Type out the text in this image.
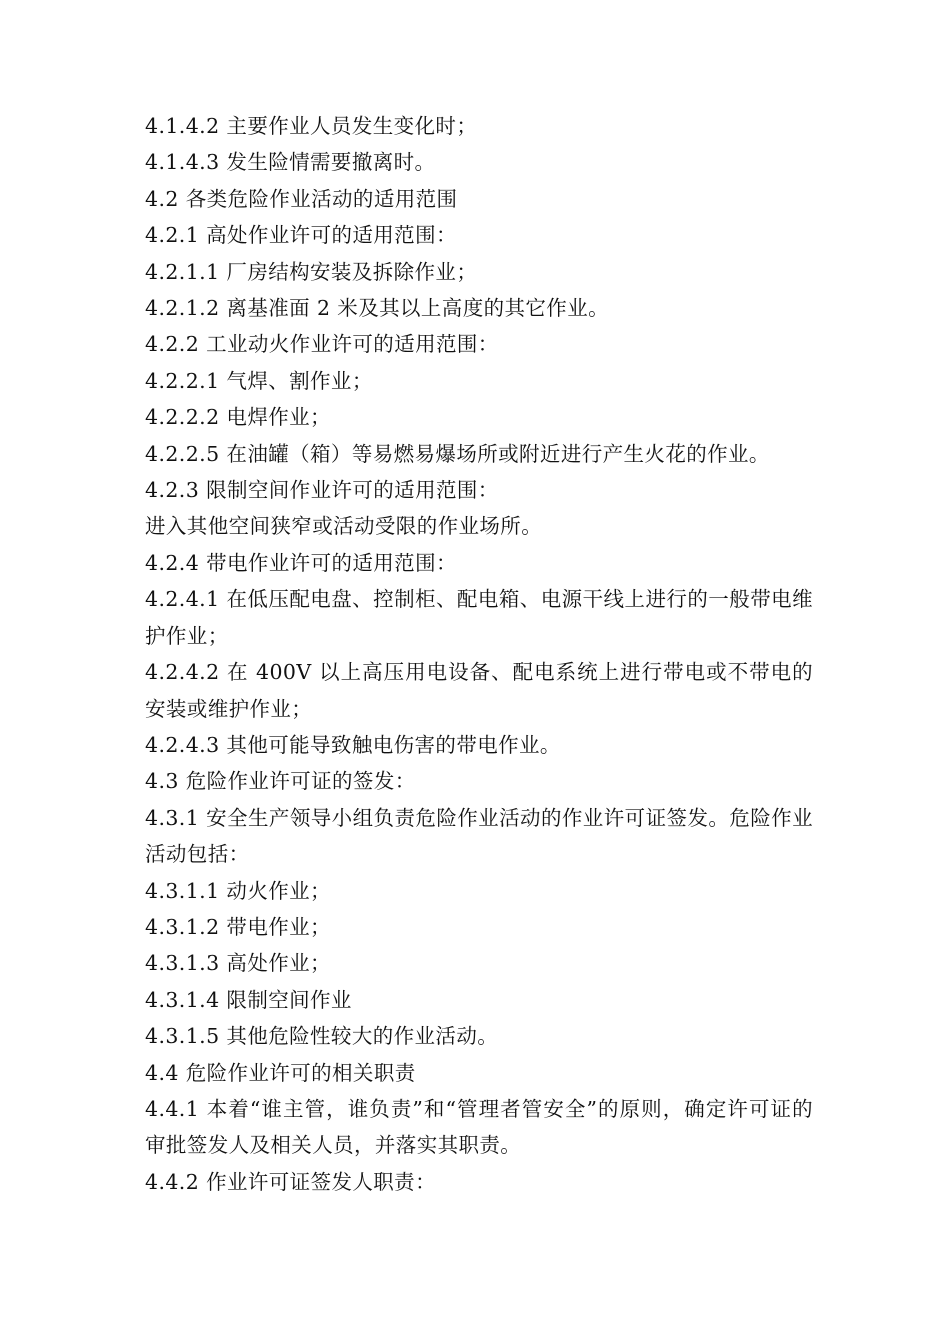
4.1.4.2 主要作业人员发生变化时；

4.1.4.3 发生险情需要撤离时。

4.2 各类危险作业活动的适用范围

4.2.1 高处作业许可的适用范围：

4.2.1.1 厂房结构安装及拆除作业；

4.2.1.2 离基准面 2 米及其以上高度的其它作业。

4.2.2 工业动火作业许可的适用范围：

4.2.2.1 气焊、割作业；

4.2.2.2 电焊作业；

4.2.2.5 在油罐（箱）等易燃易爆场所或附近进行产生火花的作业。

4.2.3 限制空间作业许可的适用范围：

进入其他空间狭窄或活动受限的作业场所。

4.2.4 带电作业许可的适用范围：

4.2.4.1 在低压配电盘、控制柜、配电箱、电源干线上进行的一般带电维护作业；

4.2.4.2 在 400V 以上高压用电设备、配电系统上进行带电或不带电的安装或维护作业；

4.2.4.3 其他可能导致触电伤害的带电作业。

4.3 危险作业许可证的签发：

4.3.1 安全生产领导小组负责危险作业活动的作业许可证签发。危险作业活动包括：

4.3.1.1 动火作业；

4.3.1.2 带电作业；

4.3.1.3 高处作业；

4.3.1.4 限制空间作业

4.3.1.5 其他危险性较大的作业活动。

4.4 危险作业许可的相关职责

4.4.1 本着“谁主管，谁负责”和“管理者管安全”的原则，确定许可证的审批签发人及相关人员，并落实其职责。

4.4.2 作业许可证签发人职责：
